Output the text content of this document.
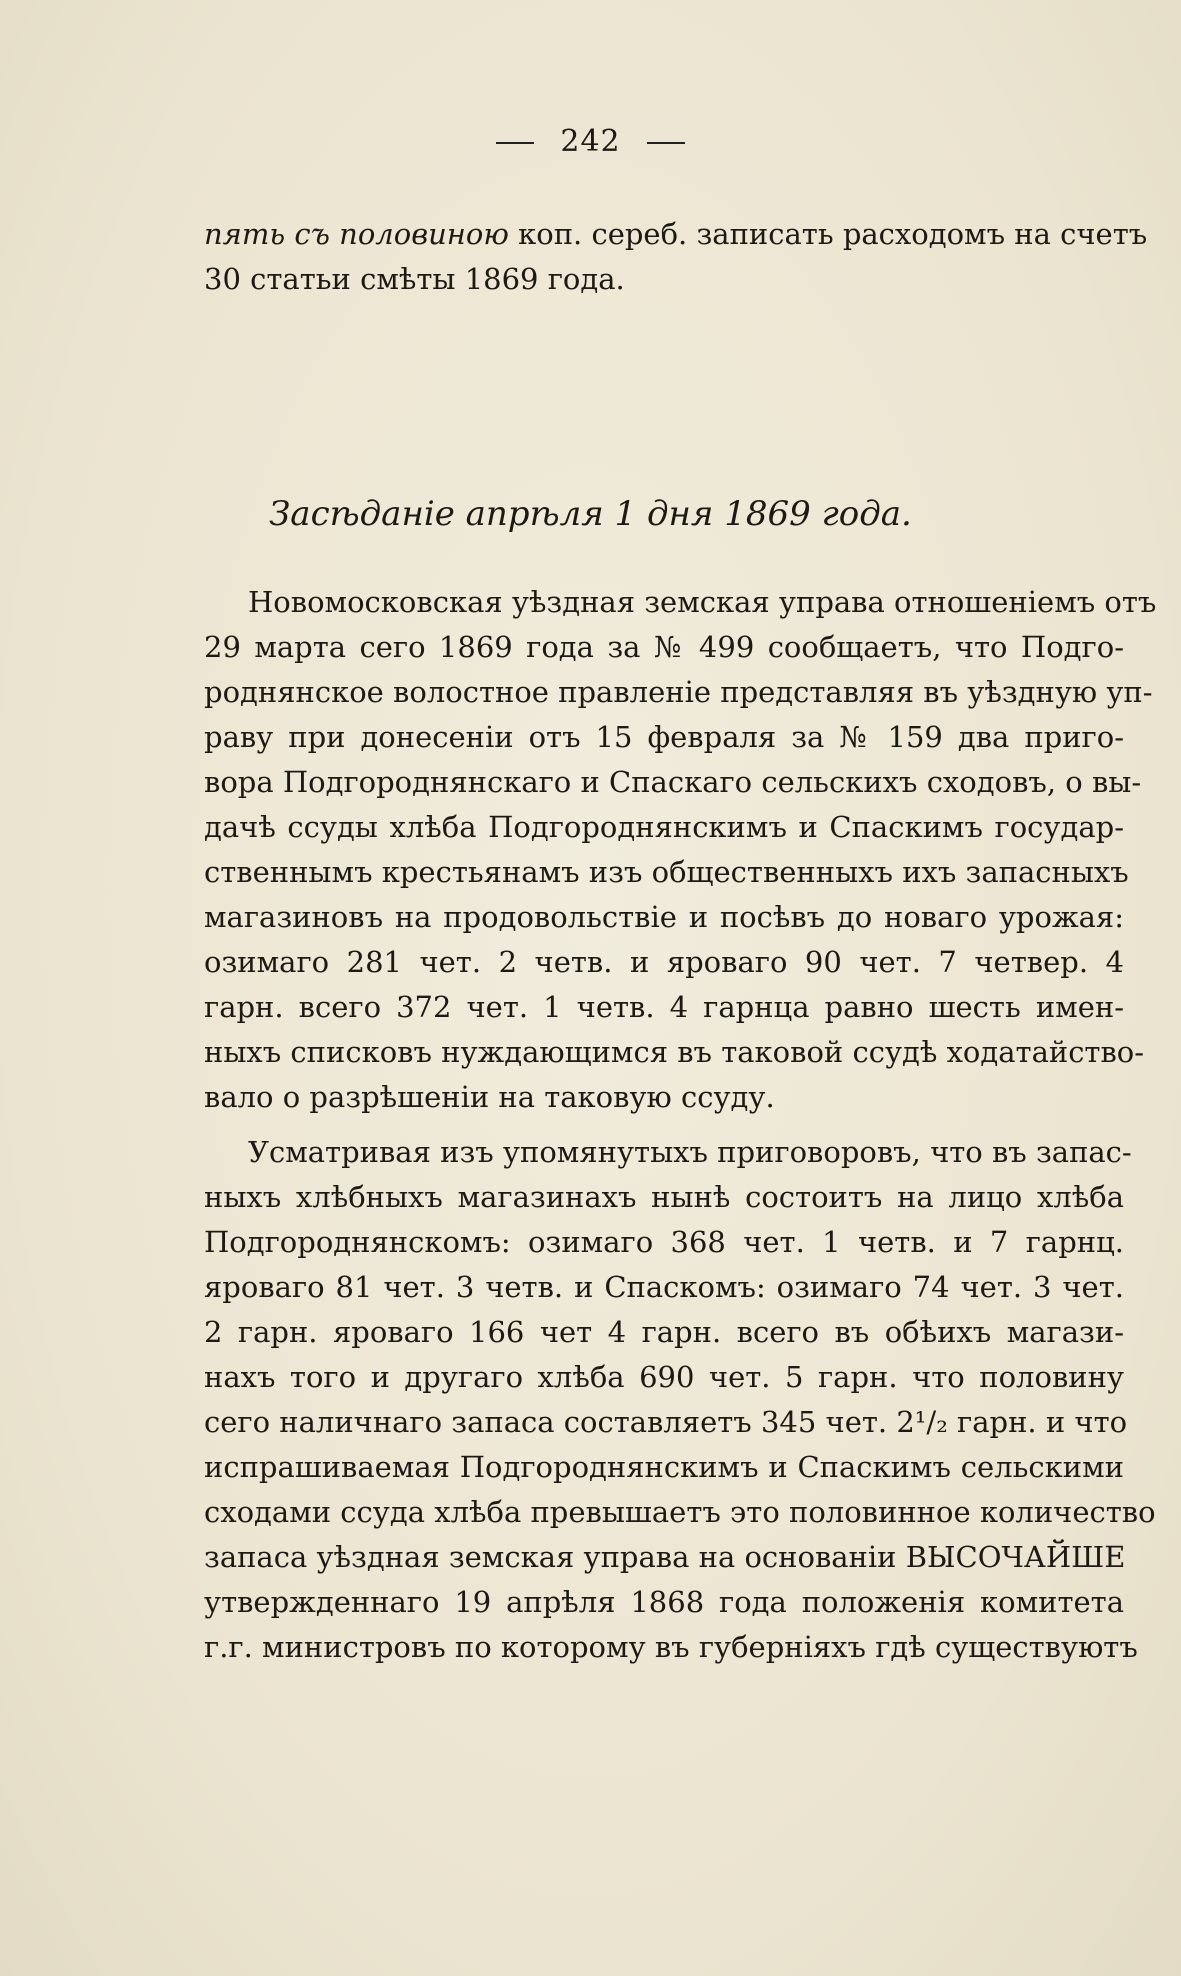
242
пять съ половиною коп. сереб. записать расходомъ на счетъ
30 статьи смѣты 1869 года.
Засѣданіе апрѣля 1 дня 1869 года.
Новомосковская уѣздная земская управа отношеніемъ отъ
29 марта сего 1869 года за № 499 сообщаетъ, что Подго-
роднянское волостное правленіе представляя въ уѣздную уп-
раву при донесеніи отъ 15 февраля за № 159 два приго-
вора Подгороднянскаго и Спаскаго сельскихъ сходовъ, о вы-
дачѣ ссуды хлѣба Подгороднянскимъ и Спаскимъ государ-
ственнымъ крестьянамъ изъ общественныхъ ихъ запасныхъ
магазиновъ на продовольствіе и посѣвъ до новаго урожая:
озимаго 281 чет. 2 четв. и яроваго 90 чет. 7 четвер. 4
гарн. всего 372 чет. 1 четв. 4 гарнца равно шесть имен-
ныхъ списковъ нуждающимся въ таковой ссудѣ ходатайство-
вало о разрѣшеніи на таковую ссуду.
Усматривая изъ упомянутыхъ приговоровъ, что въ запас-
ныхъ хлѣбныхъ магазинахъ нынѣ состоитъ на лицо хлѣба
Подгороднянскомъ: озимаго 368 чет. 1 четв. и 7 гарнц.
яроваго 81 чет. 3 четв. и Спаскомъ: озимаго 74 чет. 3 чет.
2 гарн. яроваго 166 чет 4 гарн. всего въ обѣихъ магази-
нахъ того и другаго хлѣба 690 чет. 5 гарн. что половину
сего наличнаго запаса составляетъ 345 чет. 2¹/₂ гарн. и что
испрашиваемая Подгороднянскимъ и Спаскимъ сельскими
сходами ссуда хлѣба превышаетъ это половинное количество
запаса уѣздная земская управа на основаніи ВЫСОЧАЙШЕ
утвержденнаго 19 апрѣля 1868 года положенія комитета
г.г. министровъ по которому въ губерніяхъ гдѣ существуютъ
